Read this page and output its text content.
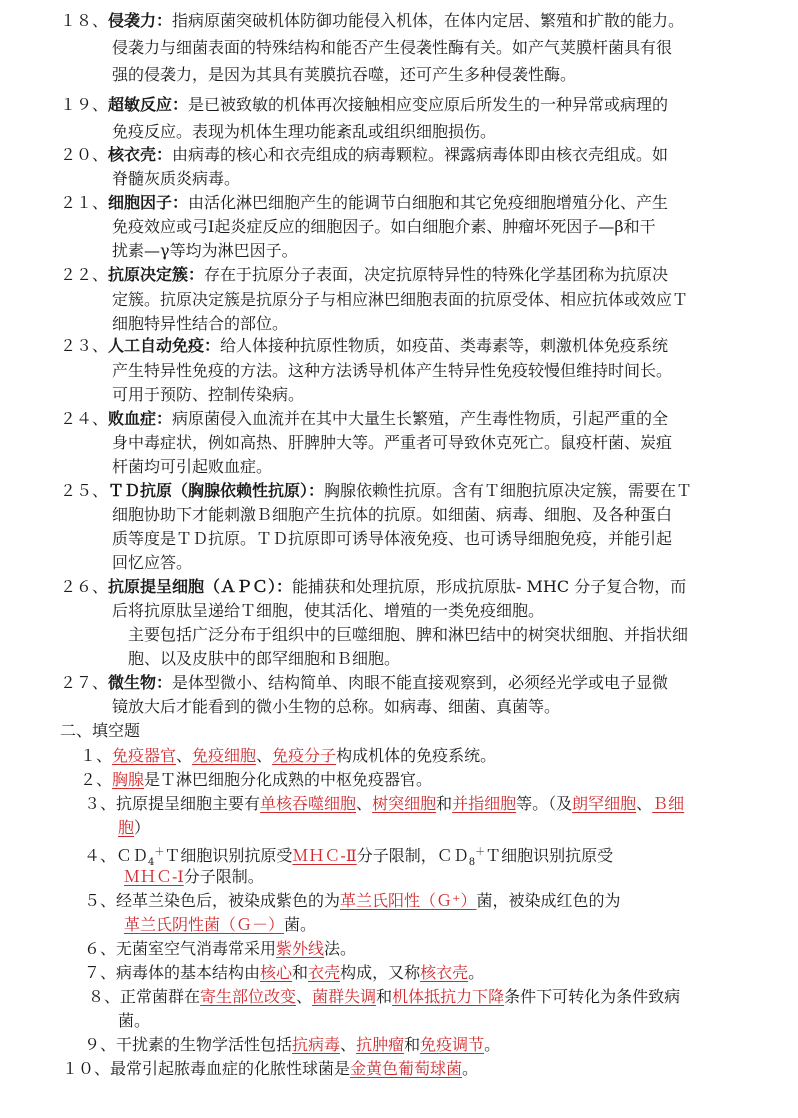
１８、侵袭力：指病原菌突破机体防御功能侵入机体，在体内定居、繁殖和扩散的能力。
侵袭力与细菌表面的特殊结构和能否产生侵袭性酶有关。如产气荚膜杆菌具有很
强的侵袭力，是因为其具有荚膜抗吞噬，还可产生多种侵袭性酶。
１９、超敏反应：是已被致敏的机体再次接触相应变应原后所发生的一种异常或病理的
免疫反应。表现为机体生理功能紊乱或组织细胞损伤。
２０、核衣壳：由病毒的核心和衣壳组成的病毒颗粒。裸露病毒体即由核衣壳组成。如
脊髓灰质炎病毒。
２１、细胞因子：由活化淋巴细胞产生的能调节白细胞和其它免疫细胞增殖分化、产生
免疫效应或弓Ⅰ起炎症反应的细胞因子。如白细胞介素、肿瘤坏死因子—β和干
扰素—γ等均为淋巴因子。
２２、抗原决定簇：存在于抗原分子表面，决定抗原特异性的特殊化学基团称为抗原决
定簇。抗原决定簇是抗原分子与相应淋巴细胞表面的抗原受体、相应抗体或效应Ｔ
细胞特异性结合的部位。
２３、人工自动免疫：给人体接种抗原性物质，如疫苗、类毒素等，刺激机体免疫系统
产生特异性免疫的方法。这种方法诱导机体产生特异性免疫较慢但维持时间长。
可用于预防、控制传染病。
２４、败血症：病原菌侵入血流并在其中大量生长繁殖，产生毒性物质，引起严重的全
身中毒症状，例如高热、肝脾肿大等。严重者可导致休克死亡。鼠疫杆菌、炭疽
杆菌均可引起败血症。
２５、ＴＤ抗原（胸腺依赖性抗原）：胸腺依赖性抗原。含有Ｔ细胞抗原决定簇，需要在Ｔ
细胞协助下才能刺激Ｂ细胞产生抗体的抗原。如细菌、病毒、细胞、及各种蛋白
质等度是ＴＤ抗原。ＴＤ抗原即可诱导体液免疫、也可诱导细胞免疫，并能引起
回忆应答。
２６、抗原提呈细胞（ＡＰＣ）：能捕获和处理抗原，形成抗原肽- MHC 分子复合物，而
后将抗原肽呈递给Ｔ细胞，使其活化、增殖的一类免疫细胞。
主要包括广泛分布于组织中的巨噬细胞、脾和淋巴结中的树突状细胞、并指状细
胞、以及皮肤中的郎罕细胞和Ｂ细胞。
２７、微生物：是体型微小、结构简单、肉眼不能直接观察到，必须经光学或电子显微
镜放大后才能看到的微小生物的总称。如病毒、细菌、真菌等。
二、填空题
１、免疫器官、免疫细胞、免疫分子构成机体的免疫系统。
２、胸腺是Ｔ淋巴细胞分化成熟的中枢免疫器官。
３、抗原提呈细胞主要有单核吞噬细胞、树突细胞和并指细胞等。（及朗罕细胞、Ｂ细
胞）
４、ＣＤ$_4$＋Ｔ细胞识别抗原受ＭＨＣ-Ⅱ分子限制，ＣＤ$_8$＋Ｔ细胞识别抗原受
ＭＨＣ-Ⅰ分子限制。
５、经革兰染色后，被染成紫色的为革兰氏阳性（Ｇ⁺）菌，被染成红色的为
革兰氏阴性菌（Ｇ－）菌。
６、无菌室空气消毒常采用紫外线法。
７、病毒体的基本结构由核心和衣壳构成，又称核衣壳。
８、正常菌群在寄生部位改变、菌群失调和机体抵抗力下降条件下可转化为条件致病
菌。
９、干扰素的生物学活性包括抗病毒、抗肿瘤和免疫调节。
１０、最常引起脓毒血症的化脓性球菌是金黄色葡萄球菌。
